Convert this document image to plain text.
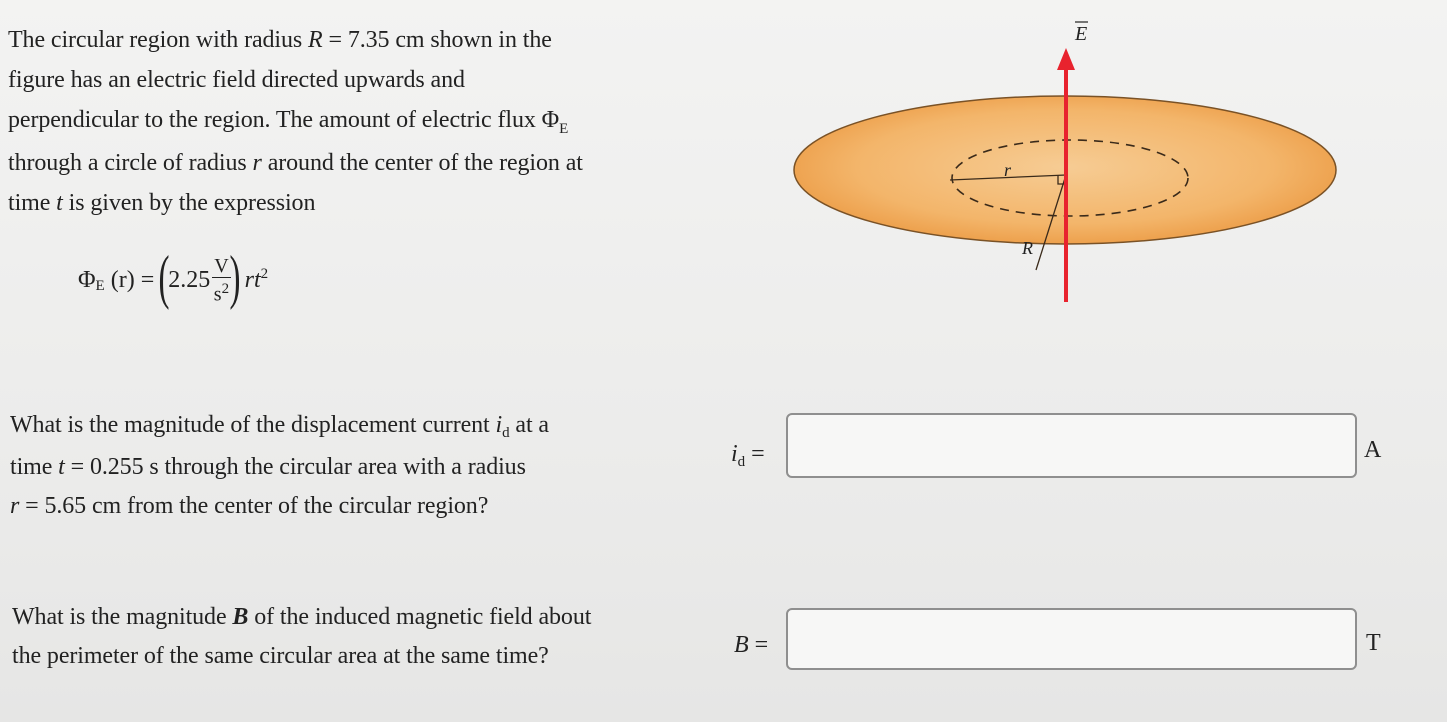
The circular region with radius R = 7.35 cm shown in the
figure has an electric field directed upwards and
perpendicular to the region. The amount of electric flux $\Phi_E$
through a circle of radius r around the center of the region at
time t is given by the expression
Φ E (r) =
(
$2.25 \frac{V}{s^2}$
) $rt^2$
What is the magnitude of the displacement current $i_d$ at a
time t = 0.255 s through the circular area with a radius
r = 5.65 cm from the center of the circular region?
What is the magnitude B of the induced magnetic field about
the perimeter of the same circular area at the same time?
$i_d$ =	A
B =	T
E
r
R
